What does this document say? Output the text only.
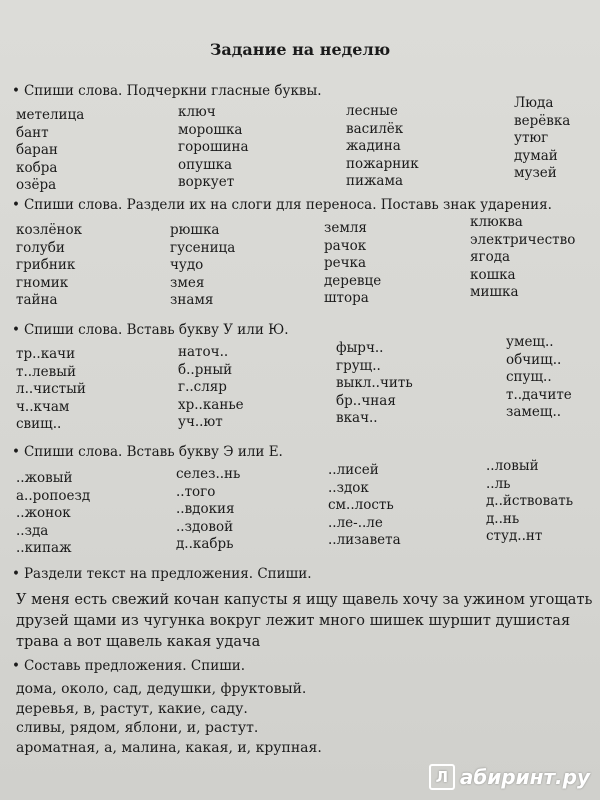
Задание на неделю
• Спиши слова. Подчеркни гласные буквы.
метелица
бант
баран
кобра
озёра
ключ
морошка
горошина
опушка
воркует
лесные
василёк
жадина
пожарник
пижама
Люда
верёвка
утюг
думай
музей
• Спиши слова. Раздели их на слоги для переноса. Поставь знак ударения.
козлёнок
голуби
грибник
гномик
тайна
рюшка
гусеница
чудо
змея
знамя
земля
рачок
речка
деревце
штора
клюква
электричество
ягода
кошка
мишка
• Спиши слова. Вставь букву У или Ю.
тр..качи
т..левый
л..чистый
ч..кчам
свищ..
наточ..
б..рный
г..сляр
хр..канье
уч..ют
фырч..
грущ..
выкл..чить
бр..чная
вкач..
умещ..
обчищ..
спущ..
т..дачите
замещ..
• Спиши слова. Вставь букву Э или Е.
..жовый
а..ропоезд
..жонок
..зда
..кипаж
селез..нь
..того
..вдокия
..здовой
д..кабрь
..лисей
..здок
см..лость
..ле-..ле
..лизавета
..ловый
..ль
д..йствовать
д..нь
студ..нт
• Раздели текст на предложения. Спиши.
У меня есть свежий кочан капусты я ищу щавель хочу за ужином угощать друзей щами из чугунка вокруг лежит много шишек шуршит душистая трава а вот щавель какая удача
• Составь предложения. Спиши.
дома, около, сад, дедушки, фруктовый.
деревья, в, растут, какие, саду.
сливы, рядом, яблони, и, растут.
ароматная, а, малина, какая, и, крупная.
Л абиринт.ру
